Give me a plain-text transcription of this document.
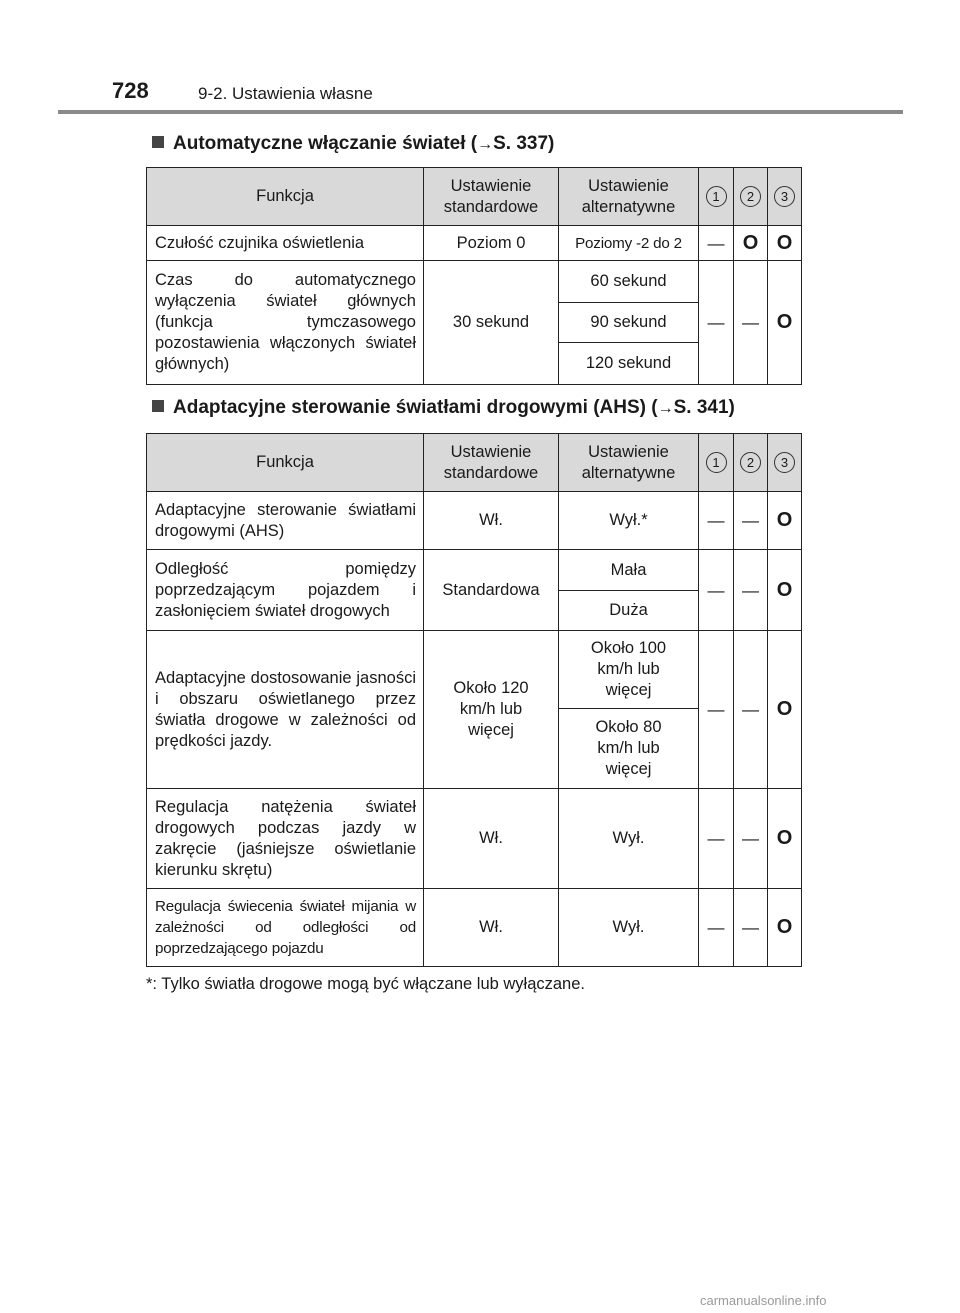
728	9-2. Ustawienia własne
Automatyczne włączanie świateł (→S. 337)
Funkcja	Ustawienie standardowe	Ustawienie alternatywne	1	2	3
Czułość czujnika oświetlenia	Poziom 0	Poziomy -2 do 2	—	O	O
Czas do automatycznego wyłączenia świateł głównych (funkcja tymczasowego pozostawienia włączonych świateł głównych)	30 sekund	60 sekund	—	—	O
		90 sekund			
		120 sekund			
Adaptacyjne sterowanie światłami drogowymi (AHS) (→S. 341)
Funkcja	Ustawienie standardowe	Ustawienie alternatywne	1	2	3
Adaptacyjne sterowanie światłami drogowymi (AHS)	Wł.	Wył.*	—	—	O
Odległość pomiędzy poprzedzającym pojazdem i zasłonięciem świateł drogowych	Standardowa	Mała	—	—	O
		Duża			
Adaptacyjne dostosowanie jasności i obszaru oświetlanego przez światła drogowe w zależności od prędkości jazdy.	Około 120 km/h lub więcej	Około 100 km/h lub więcej	—	—	O
		Około 80 km/h lub więcej			
Regulacja natężenia świateł drogowych podczas jazdy w zakręcie (jaśniejsze oświetlanie kierunku skrętu)	Wł.	Wył.	—	—	O
Regulacja świecenia świateł mijania w zależności od odległości od poprzedzającego pojazdu	Wł.	Wył.	—	—	O
*: Tylko światła drogowe mogą być włączane lub wyłączane.
carmanualsonline.info
